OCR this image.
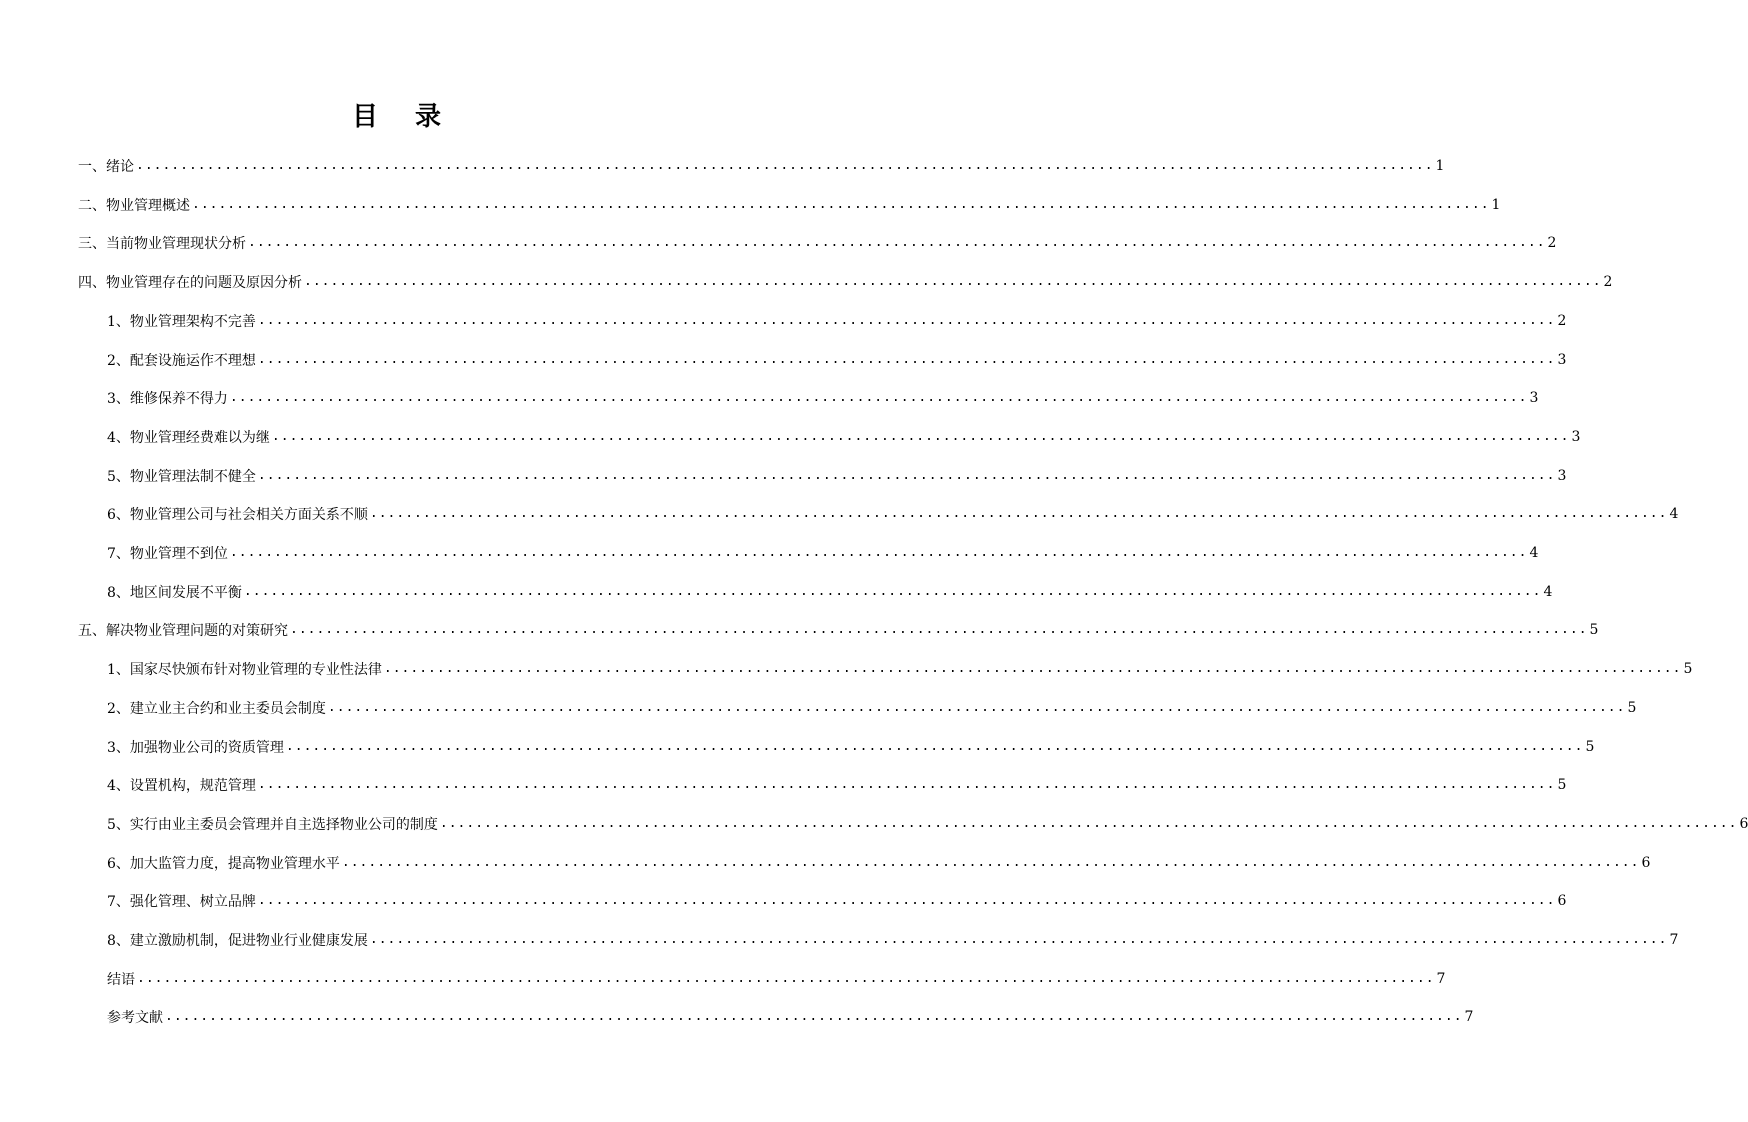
目 录
一、绪论 ................................................................................................................................................... 1
二、物业管理概述 ................................................................................................................................................... 1
三、当前物业管理现状分析 ................................................................................................................................................... 2
四、物业管理存在的问题及原因分析 ................................................................................................................................................... 2
1、物业管理架构不完善 ................................................................................................................................................... 2
2、配套设施运作不理想 ................................................................................................................................................... 3
3、维修保养不得力 ................................................................................................................................................... 3
4、物业管理经费难以为继 ................................................................................................................................................... 3
5、物业管理法制不健全 ................................................................................................................................................... 3
6、物业管理公司与社会相关方面关系不顺 ................................................................................................................................................... 4
7、物业管理不到位 ................................................................................................................................................... 4
8、地区间发展不平衡 ................................................................................................................................................... 4
五、解决物业管理问题的对策研究 ................................................................................................................................................... 5
1、国家尽快颁布针对物业管理的专业性法律 ................................................................................................................................................... 5
2、建立业主合约和业主委员会制度 ................................................................................................................................................... 5
3、加强物业公司的资质管理 ................................................................................................................................................... 5
4、设置机构，规范管理 ................................................................................................................................................... 5
5、实行由业主委员会管理并自主选择物业公司的制度 ................................................................................................................................................... 6
6、加大监管力度，提高物业管理水平 ................................................................................................................................................... 6
7、强化管理、树立品牌 ................................................................................................................................................... 6
8、建立激励机制，促进物业行业健康发展 ................................................................................................................................................... 7
结语 ................................................................................................................................................... 7
参考文献 ................................................................................................................................................... 7
